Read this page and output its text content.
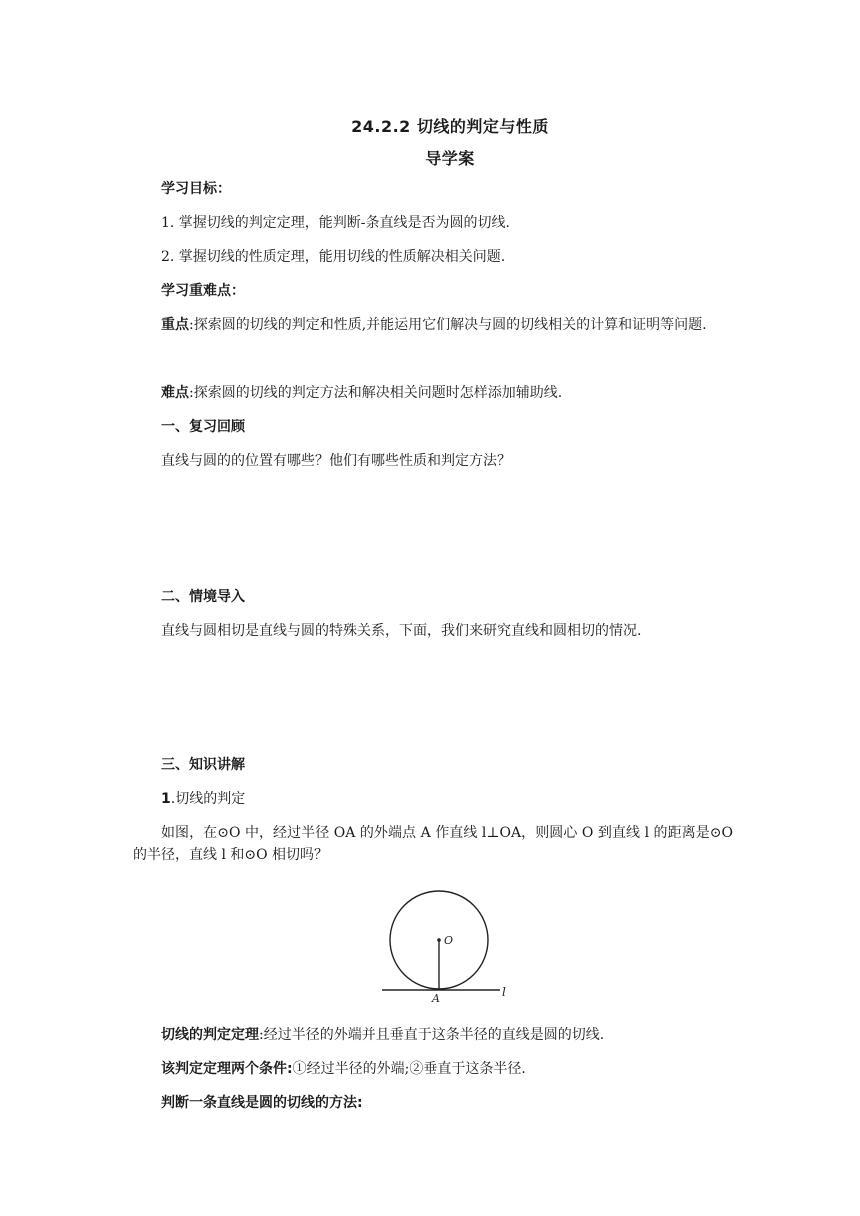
24.2.2 切线的判定与性质
导学案
学习目标：
1. 掌握切线的判定定理，能判断-条直线是否为圆的切线.
2. 掌握切线的性质定理，能用切线的性质解决相关问题.
学习重难点：
重点:探索圆的切线的判定和性质,并能运用它们解决与圆的切线相关的计算和证明等问题.
难点:探索圆的切线的判定方法和解决相关问题时怎样添加辅助线.
一、复习回顾
直线与圆的的位置有哪些？他们有哪些性质和判定方法？
二、情境导入
直线与圆相切是直线与圆的特殊关系，下面，我们来研究直线和圆相切的情况.
三、知识讲解
1.切线的判定
如图，在⊙O 中，经过半径 OA 的外端点 A 作直线 l⊥OA，则圆心 O 到直线 l 的距离是⊙O 的半径，直线 l 和⊙O 相切吗？
O
A	l
切线的判定定理:经过半径的外端并且垂直于这条半径的直线是圆的切线.
该判定定理两个条件:①经过半径的外端;②垂直于这条半径.
判断一条直线是圆的切线的方法:
